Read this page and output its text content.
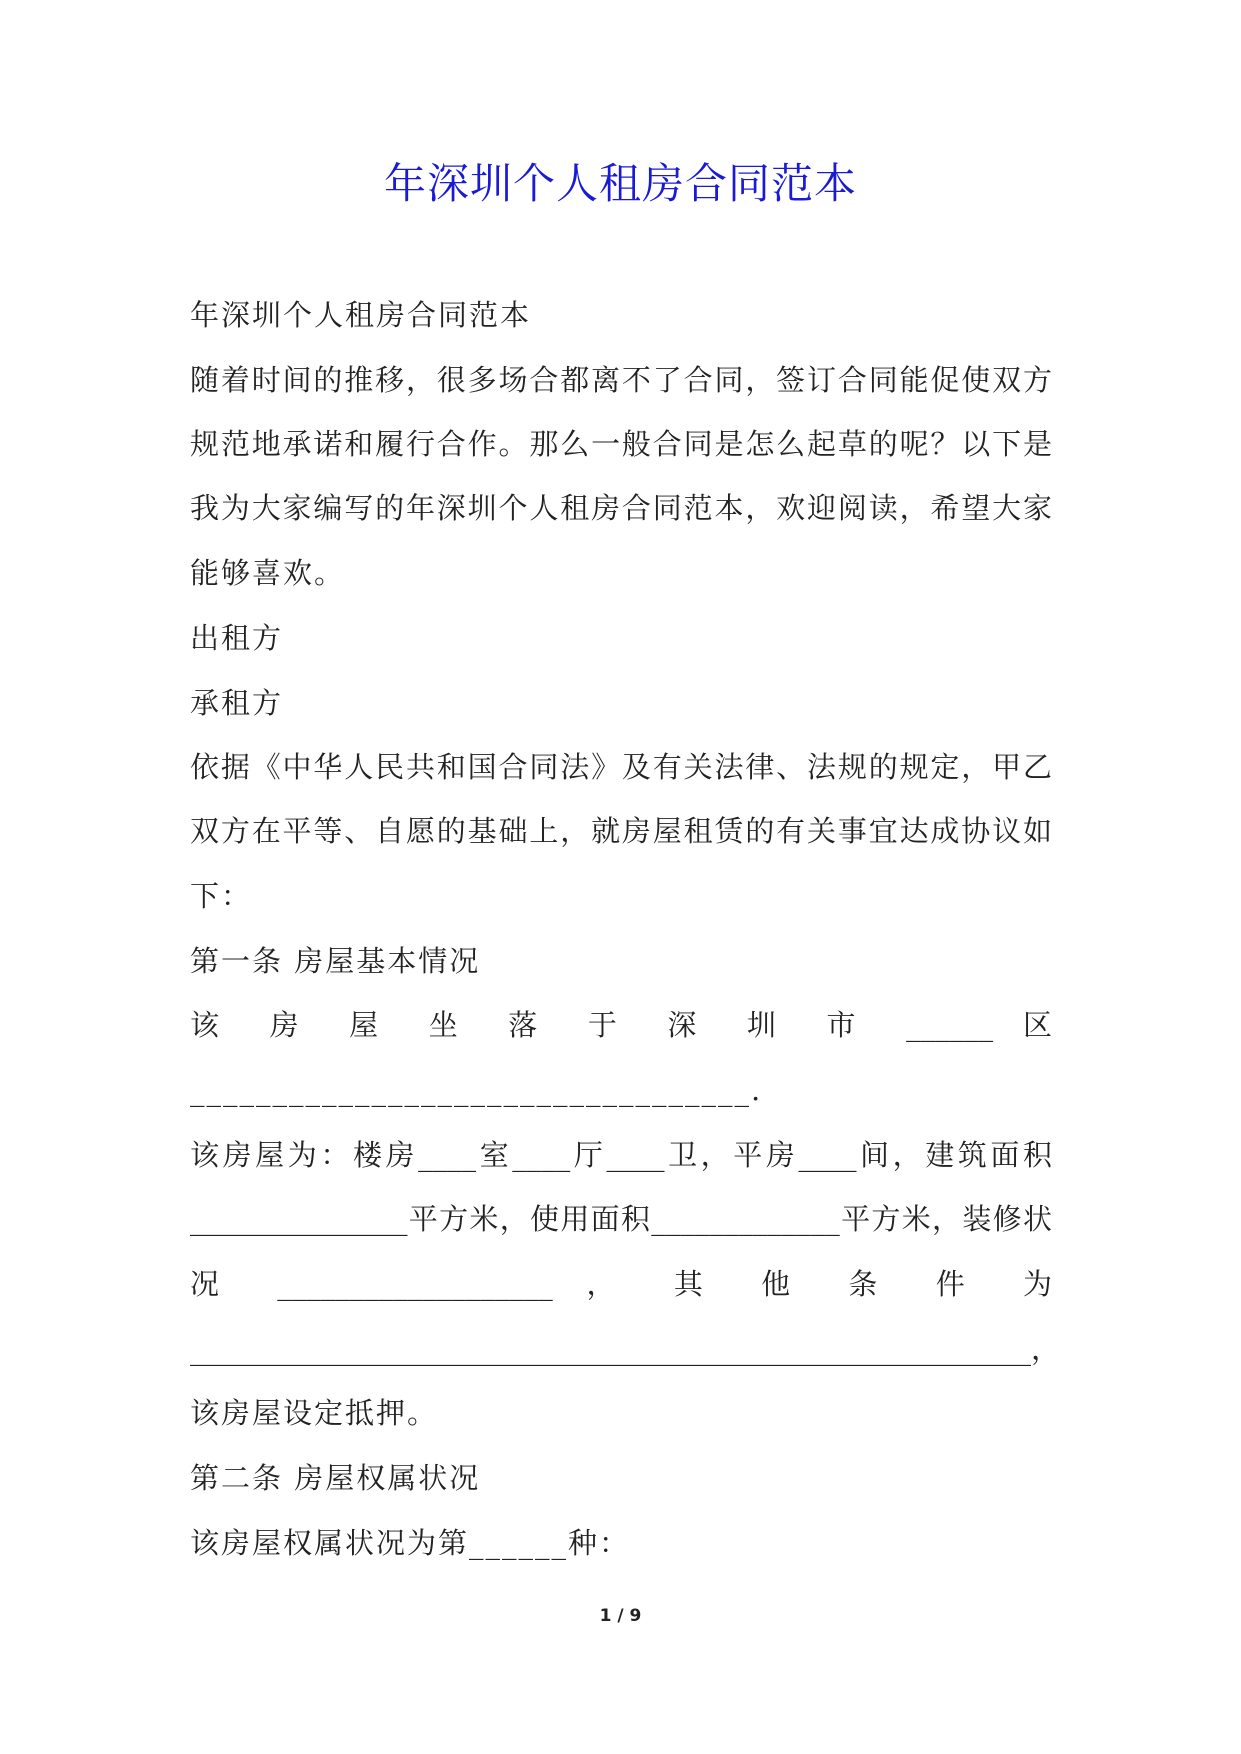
年深圳个人租房合同范本
年深圳个人租房合同范本
随着时间的推移，很多场合都离不了合同，签订合同能促使双方
规范地承诺和履行合作。那么一般合同是怎么起草的呢？以下是
我为大家编写的年深圳个人租房合同范本，欢迎阅读，希望大家
能够喜欢。
出租方
承租方
依据《中华人民共和国合同法》及有关法律、法规的规定，甲乙
双方在平等、自愿的基础上，就房屋租赁的有关事宜达成协议如
下：
第一条 房屋基本情况
该 房 屋 坐 落 于 深 圳 市 ______ 区
__________________________________.
该房屋为：楼房____室____厅____卫，平房____间，建筑面积
_______________平方米，使用面积_____________平方米，装修状
况 ___________________ ， 其 他 条 件 为
__________________________________________________________，
该房屋设定抵押。
第二条 房屋权属状况
该房屋权属状况为第______种：
1 / 9
